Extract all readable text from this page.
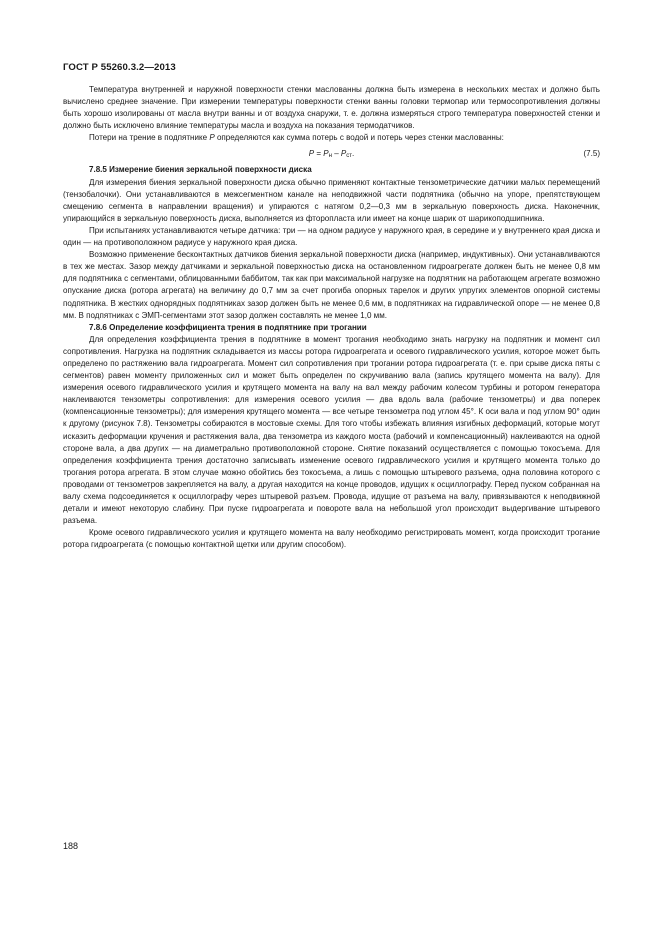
ГОСТ Р 55260.3.2—2013

Температура внутренней и наружной поверхности стенки маслованны должна быть измерена в нескольких местах и должно быть вычислено среднее значение. При измерении температуры поверхности стенки ванны головки термопар или термосопротивления должны быть хорошо изолированы от масла внутри ванны и от воздуха снаружи, т. е. должна измеряться строго температура поверхностей стенки и должно быть исключено влияние температуры масла и воздуха на показания термодатчиков.

Потери на трение в подпятнике Р определяются как сумма потерь с водой и потерь через стенки маслованны:

$Р = Р_н - Р_{ст}$.	(7.5)
7.8.5 Измерение биения зеркальной поверхности диска

Для измерения биения зеркальной поверхности диска обычно применяют контактные тензометрические датчики малых перемещений (тензобалочки). Они устанавливаются в межсегментном канале на неподвижной части подпятника (обычно на упоре, препятствующем смещению сегмента в направлении вращения) и упираются с натягом 0,2—0,3 мм в зеркальную поверхность диска. Наконечник, упирающийся в зеркальную поверхность диска, выполняется из фторопласта или имеет на конце шарик от шарикоподшипника.

При испытаниях устанавливаются четыре датчика: три — на одном радиусе у наружного края, в середине и у внутреннего края диска и один — на противоположном радиусе у наружного края диска.

Возможно применение бесконтактных датчиков биения зеркальной поверхности диска (например, индуктивных). Они устанавливаются в тех же местах. Зазор между датчиками и зеркальной поверхностью диска на остановленном гидроагрегате должен быть не менее 0,8 мм для подпятника с сегментами, облицованными баббитом, так как при максимальной нагрузке на подпятник на работающем агрегате возможно опускание диска (ротора агрегата) на величину до 0,7 мм за счет прогиба опорных тарелок и других упругих элементов опорной системы подпятника. В жестких однорядных подпятниках зазор должен быть не менее 0,6 мм, в подпятниках на гидравлической опоре — не менее 0,8 мм. В подпятниках с ЭМП-сегментами этот зазор должен составлять не менее 1,0 мм.

7.8.6 Определение коэффициента трения в подпятнике при трогании

Для определения коэффициента трения в подпятнике в момент трогания необходимо знать нагрузку на подпятник и момент сил сопротивления. Нагрузка на подпятник складывается из массы ротора гидроагрегата и осевого гидравлического усилия, которое может быть определено по растяжению вала гидроагрегата. Момент сил сопротивления при трогании ротора гидроагрегата (т. е. при срыве диска пяты с сегментов) равен моменту приложенных сил и может быть определен по скручиванию вала (запись крутящего момента на валу). Для измерения осевого гидравлического усилия и крутящего момента на валу на вал между рабочим колесом турбины и ротором генератора наклеиваются тензометры сопротивления: для измерения осевого усилия — два вдоль вала (рабочие тензометры) и два поперек (компенсационные тензометры); для измерения крутящего момента — все четыре тензометра под углом 45°. К оси вала и под углом 90° один к другому (рисунок 7.8). Тензометры собираются в мостовые схемы. Для того чтобы избежать влияния изгибных деформаций, которые могут исказить деформации кручения и растяжения вала, два тензометра из каждого моста (рабочий и компенсационный) наклеиваются на одной стороне вала, а два других — на диаметрально противоположной стороне. Снятие показаний осуществляется с помощью токосъема. Для определения коэффициента трения достаточно записывать изменение осевого гидравлического усилия и крутящего момента только до трогания ротора агрегата. В этом случае можно обойтись без токосъема, а лишь с помощью штыревого разъема, одна половина которого с проводами от тензометров закрепляется на валу, а другая находится на конце проводов, идущих к осциллографу. Перед пуском собранная на валу схема подсоединяется к осциллографу через штыревой разъем. Провода, идущие от разъема на валу, привязываются к неподвижной детали и имеют некоторую слабину. При пуске гидроагрегата и повороте вала на небольшой угол происходит выдергивание штыревого разъема.

Кроме осевого гидравлического усилия и крутящего момента на валу необходимо регистрировать момент, когда происходит трогание ротора гидроагрегата (с помощью контактной щетки или другим способом).

188
